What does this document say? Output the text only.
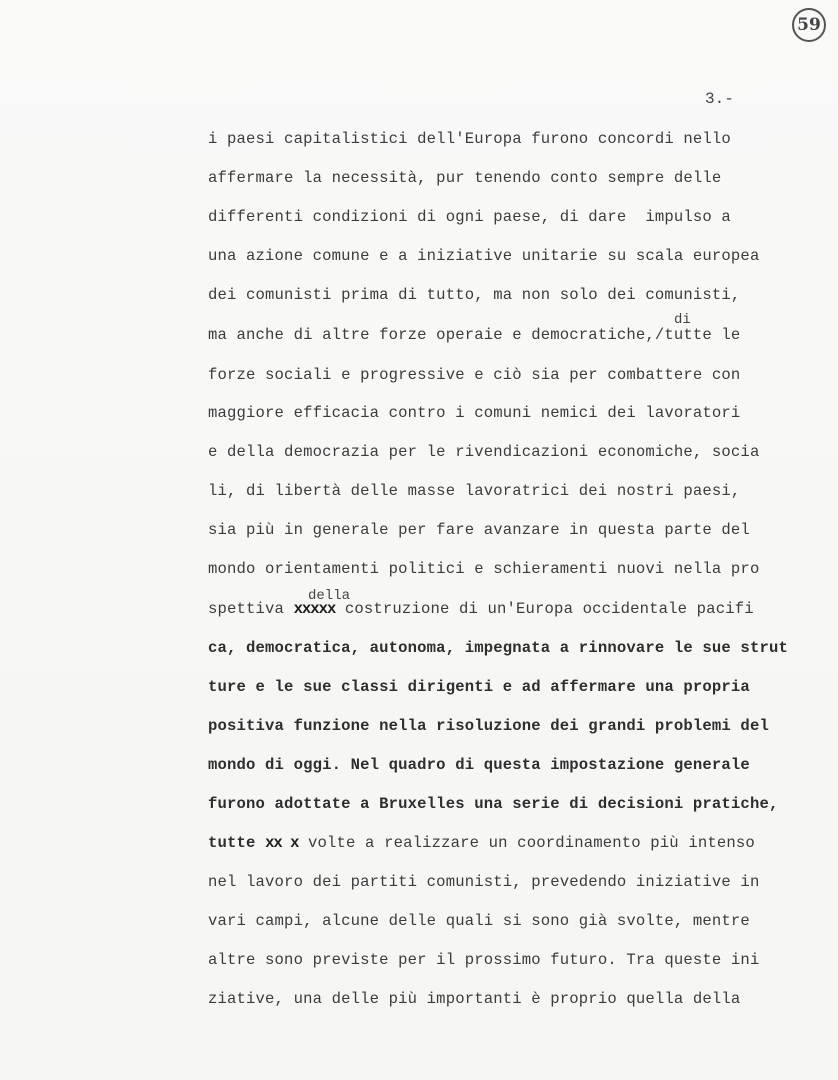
59
3.-
di
della
i paesi capitalistici dell'Europa furono concordi nello
affermare la necessità, pur tenendo conto sempre delle
differenti condizioni di ogni paese, di dare  impulso a
una azione comune e a iniziative unitarie su scala europea
dei comunisti prima di tutto, ma non solo dei comunisti,
ma anche di altre forze operaie e democratiche,/tutte le
forze sociali e progressive e ciò sia per combattere con
maggiore efficacia contro i comuni nemici dei lavoratori
e della democrazia per le rivendicazioni economiche, socia
li, di libertà delle masse lavoratrici dei nostri paesi,
sia più in generale per fare avanzare in questa parte del
mondo orientamenti politici e schieramenti nuovi nella pro
spettiva xxxxx costruzione di un'Europa occidentale pacifi
ca, democratica, autonoma, impegnata a rinnovare le sue strut
ture e le sue classi dirigenti e ad affermare una propria
positiva funzione nella risoluzione dei grandi problemi del
mondo di oggi. Nel quadro di questa impostazione generale
furono adottate a Bruxelles una serie di decisioni pratiche,
tutte xx x volte a realizzare un coordinamento più intenso
nel lavoro dei partiti comunisti, prevedendo iniziative in
vari campi, alcune delle quali si sono già svolte, mentre
altre sono previste per il prossimo futuro. Tra queste ini
ziative, una delle più importanti è proprio quella della
